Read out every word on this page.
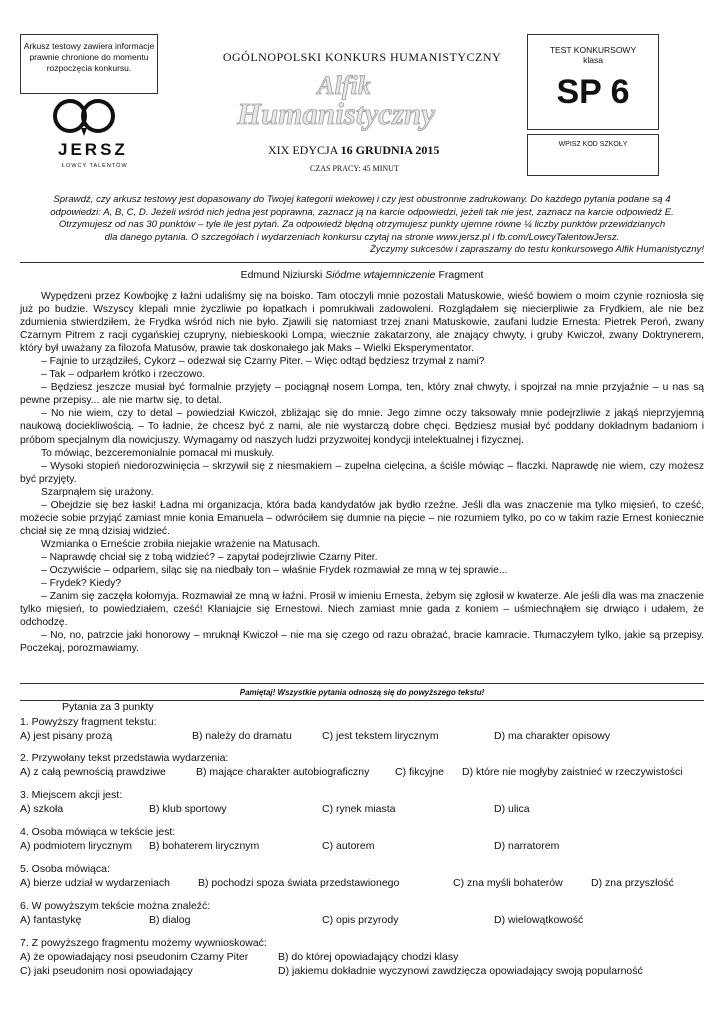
Arkusz testowy zawiera informacje prawnie chronione do momentu rozpoczęcia konkursu.
JERSZ
ŁOWCY TALENTÓW
OGÓLNOPOLSKI KONKURS HUMANISTYCZNY
Alfik
Humanistyczny
XIX EDYCJA 16 GRUDNIA 2015
CZAS PRACY: 45 MINUT
TEST KONKURSOWY
klasa
SP 6
WPISZ KOD SZKOŁY
Sprawdź, czy arkusz testowy jest dopasowany do Twojej kategorii wiekowej i czy jest obustronnie zadrukowany. Do każdego pytania podane są 4
odpowiedzi: A, B, C, D. Jeżeli wśród nich jedna jest poprawna, zaznacz ją na karcie odpowiedzi, jeżeli tak nie jest, zaznacz na karcie odpowiedź E.
Otrzymujesz od nas 30 punktów – tyle ile jest pytań. Za odpowiedź błędną otrzymujesz punkty ujemne równe ¼ liczby punktów przewidzianych
dla danego pytania. O szczegółach i wydarzeniach konkursu czytaj na stronie www.jersz.pl i fb.com/LowcyTalentowJersz.
Życzymy sukcesów i zapraszamy do testu konkursowego Alfik Humanistyczny!
Edmund Niziurski Siódme wtajemniczenie Fragment

Wypędzeni przez Kowbojkę z łaźni udaliśmy się na boisko. Tam otoczyli mnie pozostali Matuskowie, wieść bowiem o moim czynie rozniosła się już po budzie. Wszyscy klepali mnie życzliwie po łopatkach i pomrukiwali zadowoleni. Rozglądałem się niecierpliwie za Frydkiem, ale nie bez zdumienia stwierdziłem, że Frydka wśród nich nie było. Zjawili się natomiast trzej znani Matuskowie, zaufani ludzie Ernesta: Pietrek Peroń, zwany Czarnym Pitrem z racji cygańskiej czupryny, niebieskooki Lompa, wiecznie zakatarzony, ale znający chwyty, i gruby Kwiczoł, zwany Doktrynerem, który był uważany za filozofa Matusów, prawie tak doskonałego jak Maks – Wielki Eksperymentator.

– Fajnie to urządziłeś, Cykorz – odezwał się Czarny Piter. – Więc odtąd będziesz trzymał z nami?

– Tak – odparłem krótko i rzeczowo.

– Będziesz jeszcze musiał być formalnie przyjęty – pociągnął nosem Lompa, ten, który znał chwyty, i spojrzał na mnie przyjaźnie – u nas są pewne przepisy... ale nie martw się, to detal.

– No nie wiem, czy to detal – powiedział Kwiczoł, zbliżając się do mnie. Jego zimne oczy taksowały mnie podejrzliwie z jakąś nieprzyjemną naukową dociekliwością. – To ładnie, że chcesz być z nami, ale nie wystarczą dobre chęci. Będziesz musiał być poddany dokładnym badaniom i próbom specjalnym dla nowicjuszy. Wymagamy od naszych ludzi przyzwoitej kondycji intelektualnej i fizycznej.

To mówiąc, bezceremonialnie pomacał mi muskuły.

– Wysoki stopień niedorozwinięcia – skrzywił się z niesmakiem – zupełna cielęcina, a ściśle mówiąc – flaczki. Naprawdę nie wiem, czy możesz być przyjęty.

Szarpnąłem się urażony.

– Obejdzie się bez łaski! Ładna mi organizacja, która bada kandydatów jak bydło rzeźne. Jeśli dla was znaczenie ma tylko mięsień, to cześć, możecie sobie przyjąć zamiast mnie konia Emanuela – odwróciłem się dumnie na pięcie – nie rozumiem tylko, po co w takim razie Ernest koniecznie chciał się ze mną dzisiaj widzieć.

Wzmianka o Erneście zrobiła niejakie wrażenie na Matusach.

– Naprawdę chciał się z tobą widzieć? – zapytał podejrzliwie Czarny Piter.

– Oczywiście – odparłem, siląc się na niedbały ton – właśnie Frydek rozmawiał ze mną w tej sprawie...

– Frydek? Kiedy?

– Zanim się zaczęła kołomyja. Rozmawiał ze mną w łaźni. Prosił w imieniu Ernesta, żebym się zgłosił w kwaterze. Ale jeśli dla was ma znaczenie tylko mięsień, to powiedziałem, cześć! Kłaniajcie się Ernestowi. Niech zamiast mnie gada z koniem – uśmiechnąłem się drwiąco i udałem, że odchodzę.

– No, no, patrzcie jaki honorowy – mruknął Kwiczoł – nie ma się czego od razu obrażać, bracie kamracie. Tłumaczyłem tylko, jakie są przepisy. Poczekaj, porozmawiamy.

Pamiętaj! Wszystkie pytania odnoszą się do powyższego tekstu!
Pytania za 3 punkty
1. Powyższy fragment tekstu:
A) jest pisany prozą	B) należy do dramatu	C) jest tekstem lirycznym	D) ma charakter opisowy
2. Przywołany tekst przedstawia wydarzenia:
A) z całą pewnością prawdziwe	B) mające charakter autobiograficzny C) fikcyjne D) które nie mogłyby zaistnieć w rzeczywistości
3. Miejscem akcji jest:
A) szkoła	B) klub sportowy	C) rynek miasta	D) ulica
4. Osoba mówiąca w tekście jest:
A) podmiotem lirycznym B) bohaterem lirycznym	C) autorem	D) narratorem
5. Osoba mówiąca:
A) bierze udział w wydarzeniach	B) pochodzi spoza świata przedstawionego	C) zna myśli bohaterów	D) zna przyszłość
6. W powyższym tekście można znaleźć:
A) fantastykę	B) dialog	C) opis przyrody	D) wielowątkowość
7. Z powyższego fragmentu możemy wywnioskować:
A) że opowiadający nosi pseudonim Czarny Piter	B) do której opowiadający chodzi klasy
C) jaki pseudonim nosi opowiadający	D) jakiemu dokładnie wyczynowi zawdzięcza opowiadający swoją popularność
